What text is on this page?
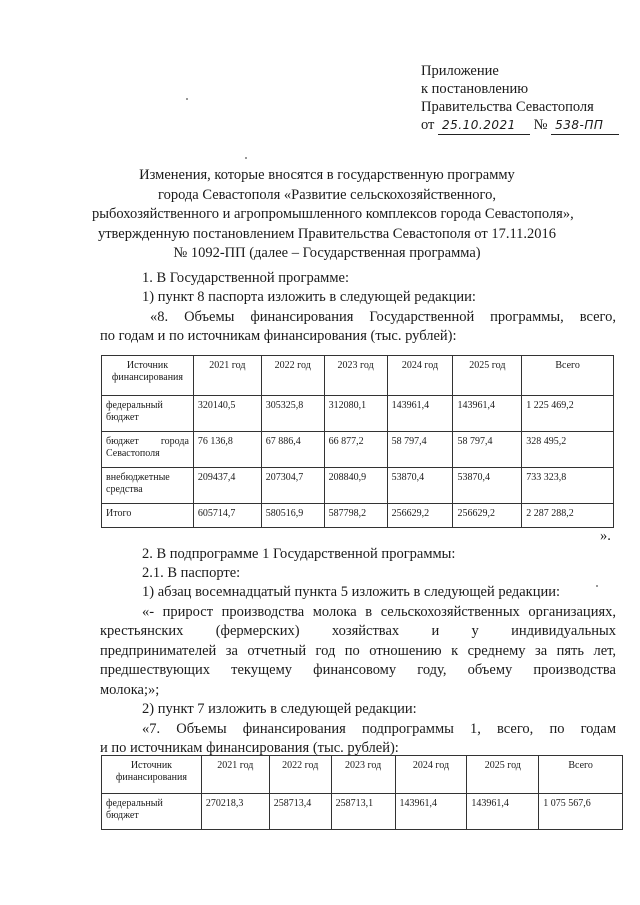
Приложение
к постановлению
Правительства Севастополя
от 25.10.2021 № 538-ПП
Изменения, которые вносятся в государственную программу
города Севастополя «Развитие сельскохозяйственного,
рыбохозяйственного и агропромышленного комплексов города Севастополя»,
утвержденную постановлением Правительства Севастополя от 17.11.2016
№ 1092-ПП (далее – Государственная программа)
1. В Государственной программе:
1) пункт 8 паспорта изложить в следующей редакции:
«8. Объемы финансирования Государственной программы, всего,
по годам и по источникам финансирования (тыс. рублей):
Источник финансирования	2021 год	2022 год	2023 год	2024 год	2025 год	Всего
федеральный бюджет	320140,5	305325,8	312080,1	143961,4	143961,4	1 225 469,2

бюджет города
Севастополя	76 136,8	67 886,4	66 877,2	58 797,4	58 797,4	328 495,2
внебюджетные средства	209437,4	207304,7	208840,9	53870,4	53870,4	733 323,8
Итого	605714,7	580516,9	587798,2	256629,2	256629,2	2 287 288,2
».
2. В подпрограмме 1 Государственной программы:
2.1. В паспорте:
1) абзац восемнадцатый пункта 5 изложить в следующей редакции:
«- прирост производства молока в сельскохозяйственных организациях,
крестьянских (фермерских) хозяйствах и у индивидуальных
предпринимателей за отчетный год по отношению к среднему за пять лет,
предшествующих текущему финансовому году, объему производства
молока;»;
2) пункт 7 изложить в следующей редакции:
«7. Объемы финансирования подпрограммы 1, всего, по годам
и по источникам финансирования (тыс. рублей):
Источник финансирования	2021 год	2022 год	2023 год	2024 год	2025 год	Всего
федеральный бюджет	270218,3	258713,4	258713,1	143961,4	143961,4	1 075 567,6
